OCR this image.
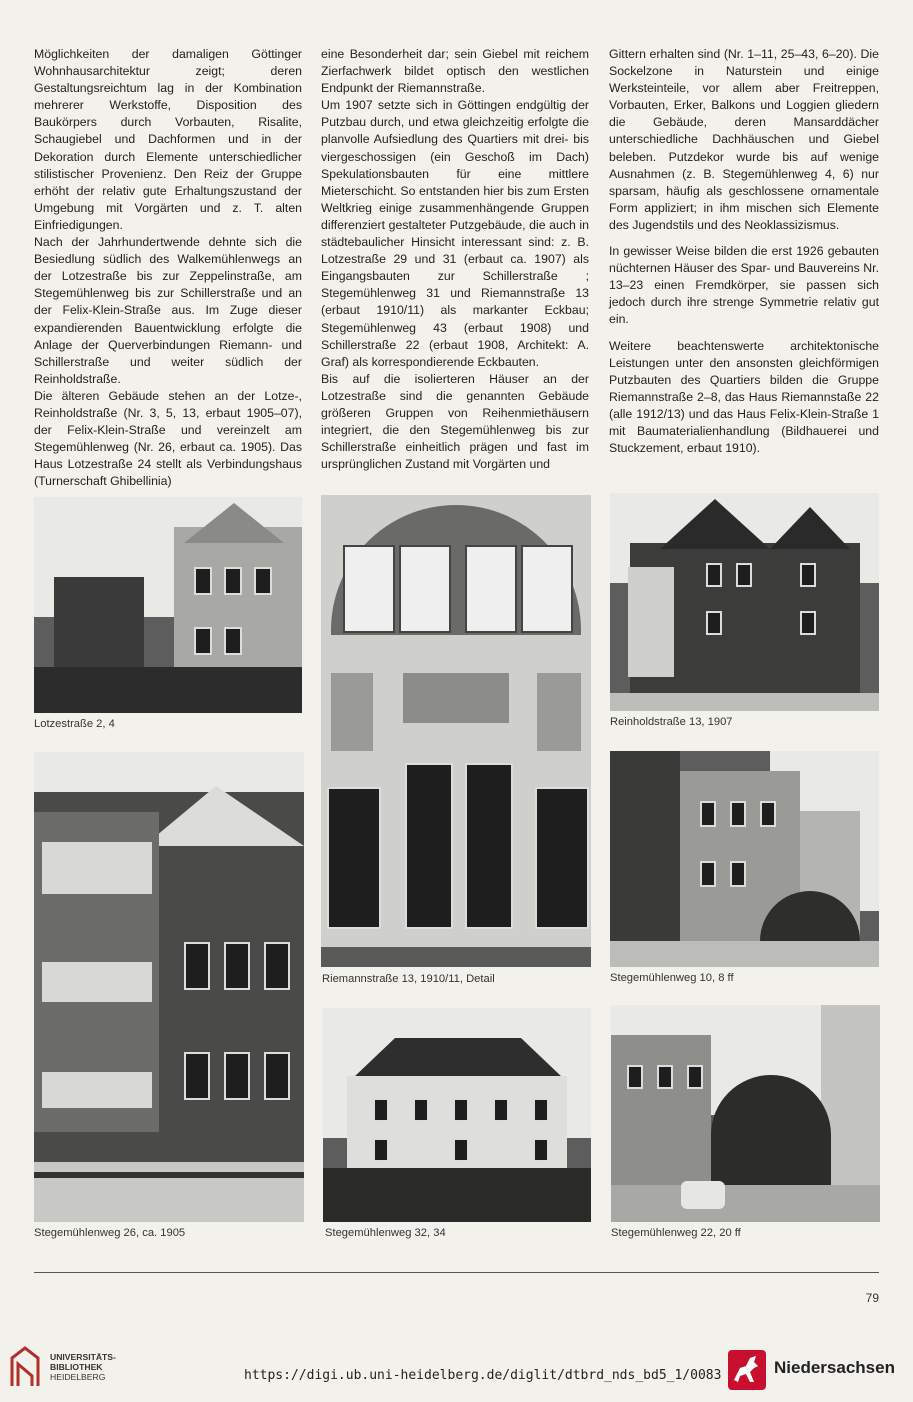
Möglichkeiten der damaligen Göttinger Wohnhausarchitektur zeigt; deren Gestaltungsreichtum lag in der Kombination mehrerer Werkstoffe, Disposition des Baukörpers durch Vorbauten, Risalite, Schaugiebel und Dachformen und in der Dekoration durch Elemente unterschiedlicher stilistischer Provenienz. Den Reiz der Gruppe erhöht der relativ gute Erhaltungszustand der Umgebung mit Vorgärten und z. T. alten Einfriedigungen.

Nach der Jahrhundertwende dehnte sich die Besiedlung südlich des Walkemühlenwegs an der Lotzestraße bis zur Zeppelinstraße, am Stegemühlenweg bis zur Schillerstraße und an der Felix-Klein-Straße aus. Im Zuge dieser expandierenden Bauentwicklung erfolgte die Anlage der Querverbindungen Riemann- und Schillerstraße und weiter südlich der Reinholdstraße.

Die älteren Gebäude stehen an der Lotze-, Reinholdstraße (Nr. 3, 5, 13, erbaut 1905–07), der Felix-Klein-Straße und vereinzelt am Stegemühlenweg (Nr. 26, erbaut ca. 1905). Das Haus Lotzestraße 24 stellt als Verbindungshaus (Turnerschaft Ghibellinia)

eine Besonderheit dar; sein Giebel mit reichem Zierfachwerk bildet optisch den westlichen Endpunkt der Riemannstraße.

Um 1907 setzte sich in Göttingen endgültig der Putzbau durch, und etwa gleichzeitig erfolgte die planvolle Aufsiedlung des Quartiers mit drei- bis viergeschossigen (ein Geschoß im Dach) Spekulationsbauten für eine mittlere Mieterschicht. So entstanden hier bis zum Ersten Weltkrieg einige zusammenhängende Gruppen differenziert gestalteter Putzgebäude, die auch in städtebaulicher Hinsicht interessant sind: z. B. Lotzestraße 29 und 31 (erbaut ca. 1907) als Eingangsbauten zur Schillerstraße ; Stegemühlenweg 31 und Riemannstraße 13 (erbaut 1910/11) als markanter Eckbau; Stegemühlenweg 43 (erbaut 1908) und Schillerstraße 22 (erbaut 1908, Architekt: A. Graf) als korrespondierende Eckbauten.

Bis auf die isolierteren Häuser an der Lotzestraße sind die genannten Gebäude größeren Gruppen von Reihenmiethäusern integriert, die den Stegemühlenweg bis zur Schillerstraße einheitlich prägen und fast im ursprünglichen Zustand mit Vorgärten und

Gittern erhalten sind (Nr. 1–11, 25–43, 6–20). Die Sockelzone in Naturstein und einige Werksteinteile, vor allem aber Freitreppen, Vorbauten, Erker, Balkons und Loggien gliedern die Gebäude, deren Mansarddächer unterschiedliche Dachhäuschen und Giebel beleben. Putzdekor wurde bis auf wenige Ausnahmen (z. B. Stegemühlenweg 4, 6) nur sparsam, häufig als geschlossene ornamentale Form appliziert; in ihm mischen sich Elemente des Jugendstils und des Neoklassizismus.

In gewisser Weise bilden die erst 1926 gebauten nüchternen Häuser des Spar- und Bauvereins Nr. 13–23 einen Fremdkörper, sie passen sich jedoch durch ihre strenge Symmetrie relativ gut ein.

Weitere beachtenswerte architektonische Leistungen unter den ansonsten gleichförmigen Putzbauten des Quartiers bilden die Gruppe Riemannstraße 2–8, das Haus Riemannstaße 22 (alle 1912/13) und das Haus Felix-Klein-Straße 1 mit Baumaterialienhandlung (Bildhauerei und Stuckzement, erbaut 1910).

Lotzestraße 2, 4
Riemannstraße 13, 1910/11, Detail
Reinholdstraße 13, 1907
Stegemühlenweg 26, ca. 1905
Stegemühlenweg 10, 8 ff
Stegemühlenweg 32, 34	Stegemühlenweg 22, 20 ff
79
UNIVERSITÄTS-
BIBLIOTHEK
HEIDELBERG	https://digi.ub.uni-heidelberg.de/diglit/dtbrd_nds_bd5_1/0083	Niedersachsen
